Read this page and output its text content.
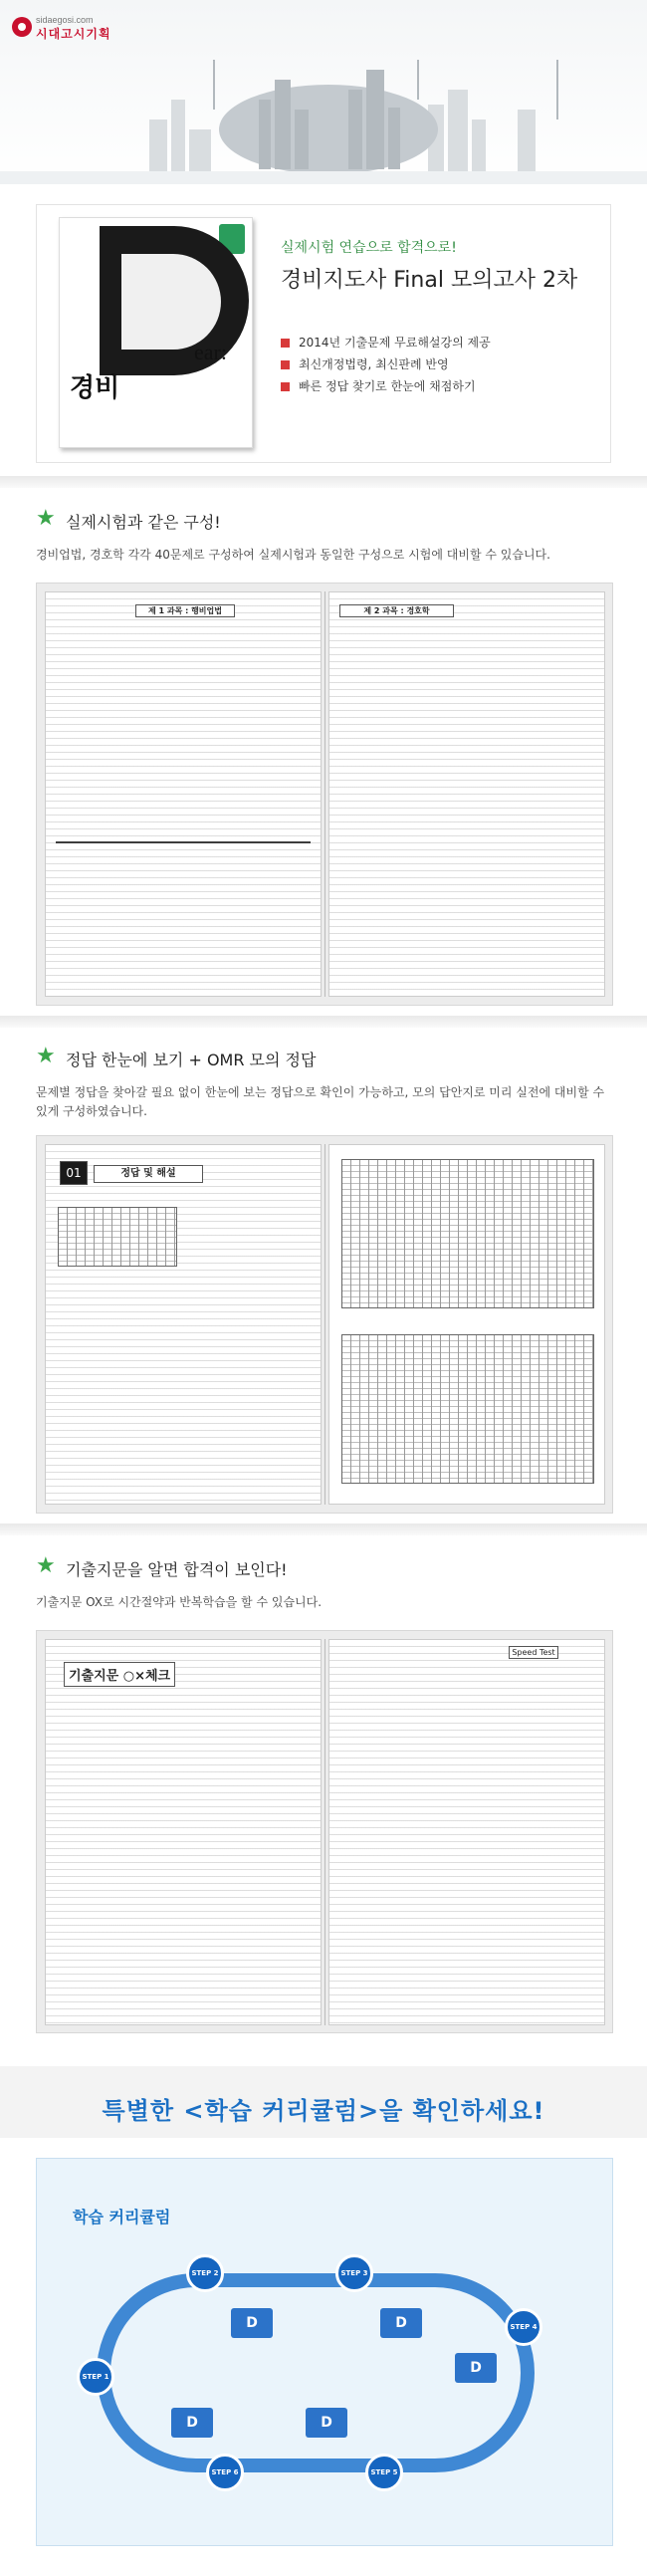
sidaegosi.com
시대고시기획
ear:
경비
실제시험 연습으로 합격으로!
경비지도사 Final 모의고사 2차
2014년 기출문제 무료해설강의 제공
최신개정법령, 최신판례 반영
빠른 정답 찾기로 한눈에 채점하기
★ 실제시험과 같은 구성!
경비업법, 경호학 각각 40문제로 구성하여 실제시험과 동일한 구성으로 시험에 대비할 수 있습니다.
제 1 과목 : 행비업법	제 2 과목 : 경호학
★ 정답 한눈에 보기 + OMR 모의 정답
문제별 정답을 찾아갈 필요 없이 한눈에 보는 정답으로 확인이 가능하고, 모의 답안지로 미리 실전에 대비할 수 있게 구성하였습니다.
01	정답 및 해설
★ 기출지문을 알면 합격이 보인다!
기출지문 OX로 시간절약과 반복학습을 할 수 있습니다.
기출지문 ○×체크
Speed Test
특별한 <학습 커리큘럼>을 확인하세요!
학습 커리큘럼
STEP 1
STEP 2	STEP 3
STEP 4
STEP 5
STEP 6
D	D
D
D
D
